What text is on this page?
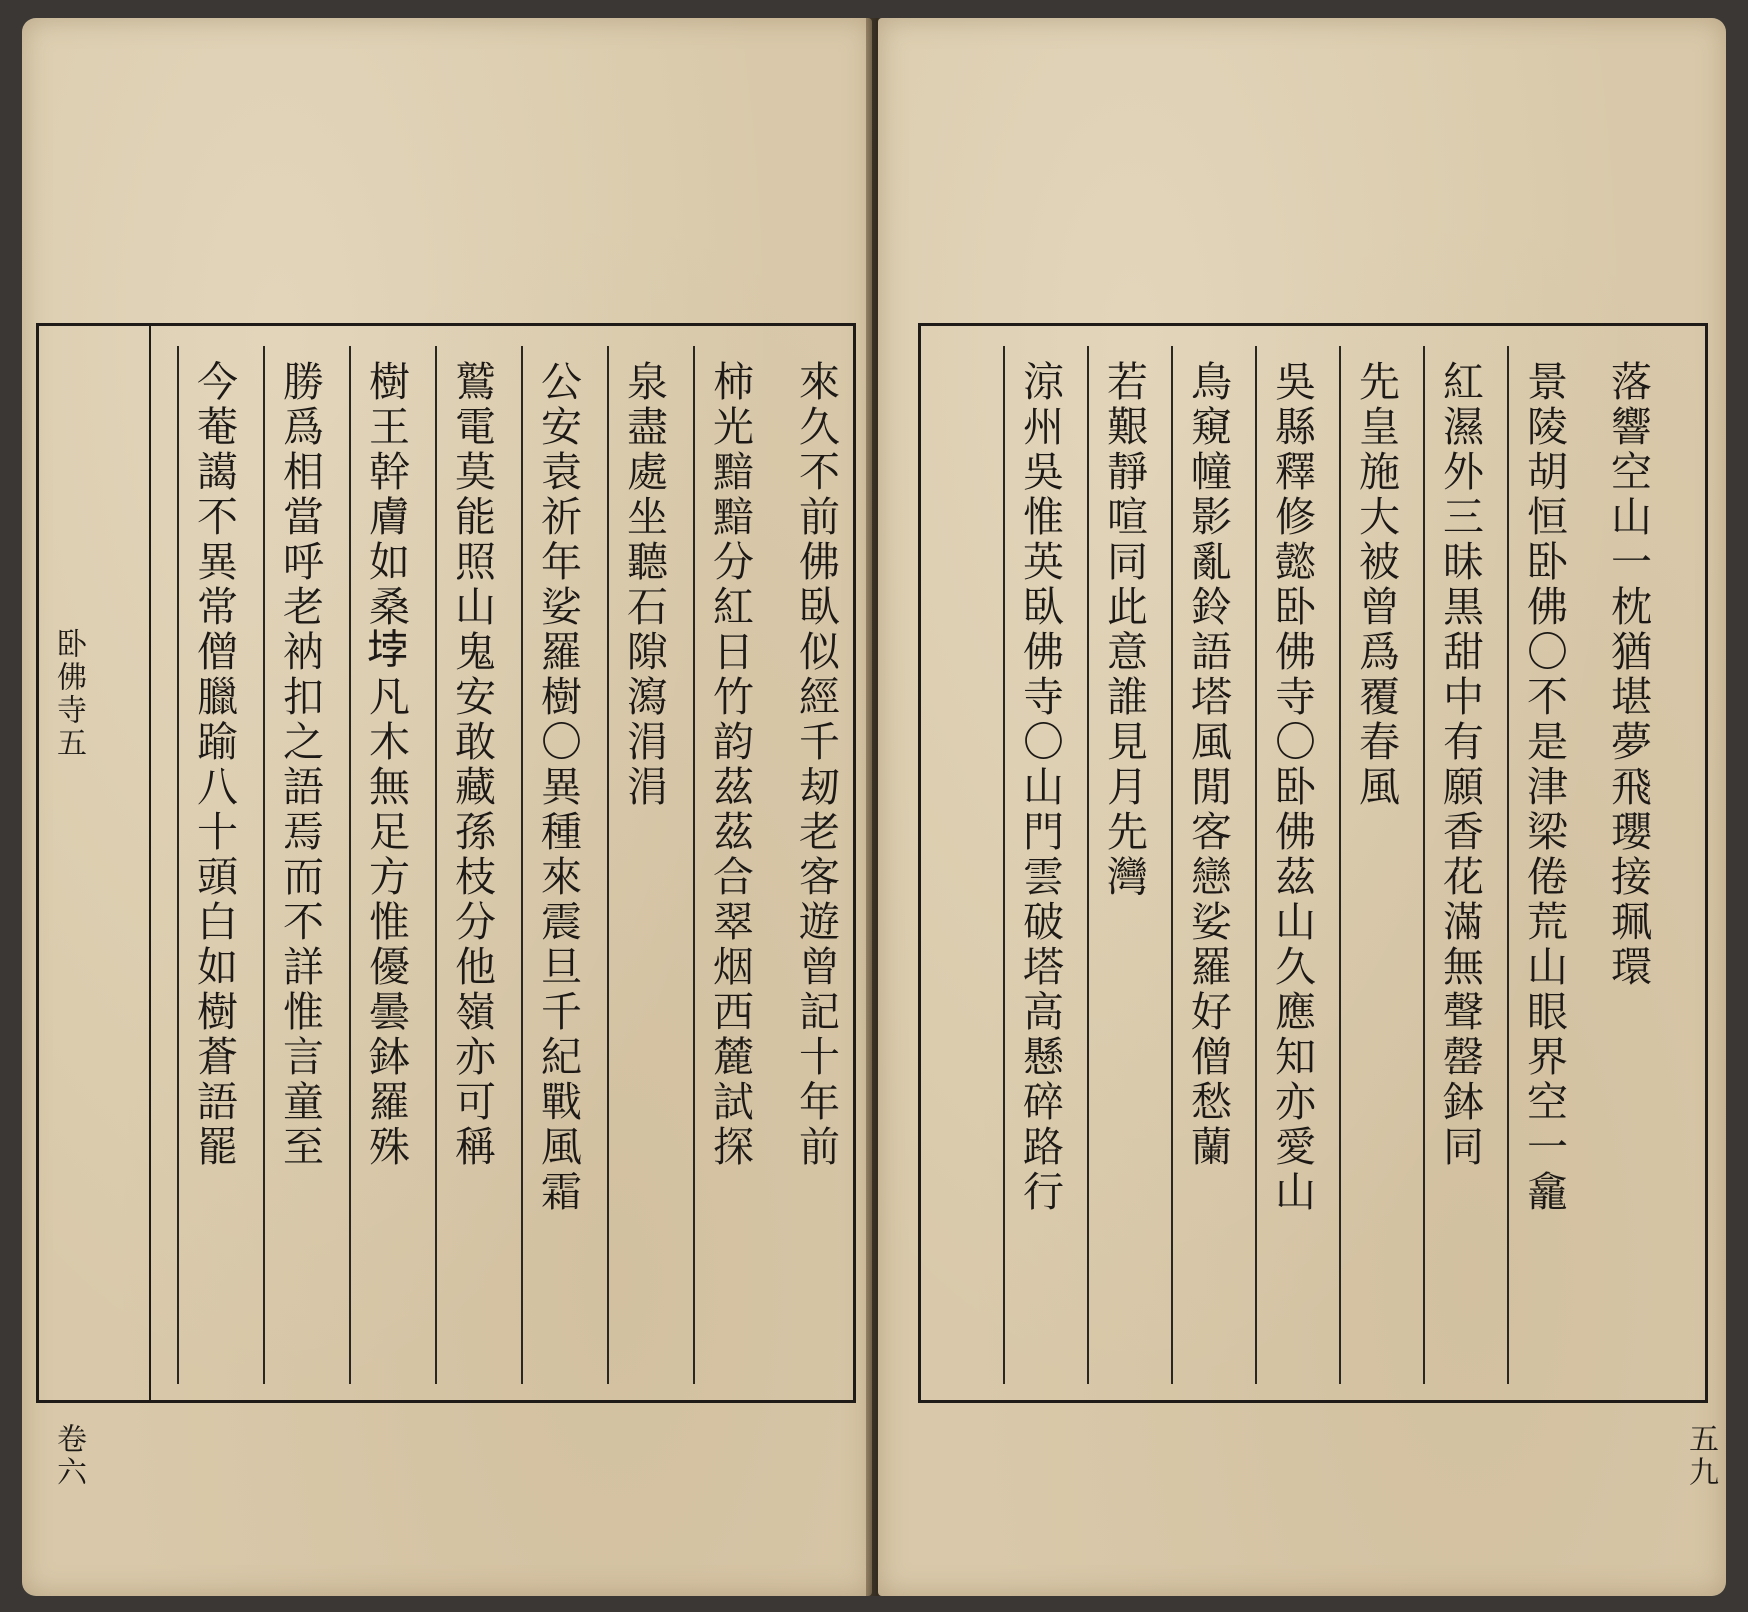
來久不前佛臥似經千刼老客遊曾記十年前
柿光黯黯分紅日竹韵茲茲合翠烟西麓試探
泉盡處坐聽石隙瀉涓涓
公安袁祈年娑羅樹〇異種來震旦千紀戰風霜
鷲電莫能照山鬼安敢藏孫枝分他嶺亦可稱
樹王幹膚如桑𡋯凡木無足方惟優曇鉢羅殊
勝爲相當呼老衲扣之語焉而不詳惟言童至
今菴譪不異常僧臘踰八十頭白如樹蒼語罷
卧佛寺五
卷六
落響空山一枕猶堪夢飛瓔接珮環
景陵胡恒卧佛〇不是津梁倦荒山眼界空一龕
紅濕外三昧黒甜中有願香花滿無聲罄鉢同
先皇施大被曾爲覆春風
吳縣釋修懿卧佛寺〇卧佛茲山久應知亦愛山
鳥窺幢影亂鈴語塔風閒客戀娑羅好僧愁蘭
若艱靜喧同此意誰見月先灣
涼州吳惟英臥佛寺〇山門雲破塔高懸碎路行
五九
